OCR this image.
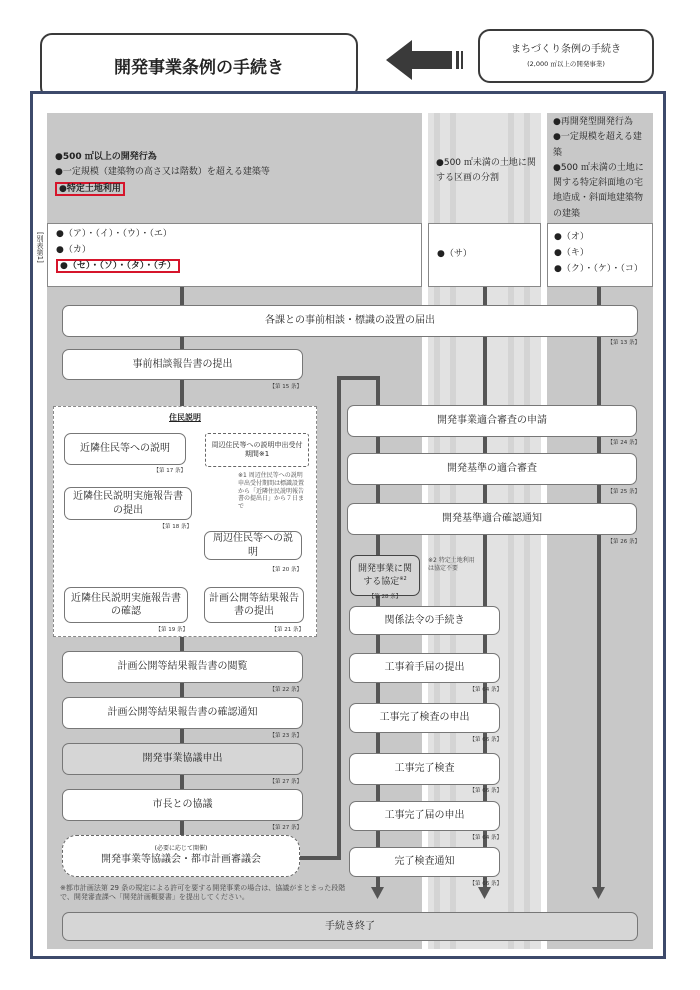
開発事業条例の手続き
まちづくり条例の手続き
(2,000 ㎡以上の開発事業)
●500 ㎡以上の開発行為
●一定規模（建築物の高さ又は階数）を超える建築等
●特定土地利用
●500 ㎡未満の土地に関する区画の分割
●再開発型開発行為
●一定規模を超える建築
●500 ㎡未満の土地に関する特定斜面地の宅地造成・斜面地建築物の建築
[別表第1] ●（ア）・（イ）・（ウ）・（エ）
●（カ）
●（セ）・（ソ）・（タ）・（チ）
●（サ）
●（オ）
●（キ）
●（ク）・（ケ）・（コ）
各課との事前相談・標識の設置の届出
【第 13 条】
事前相談報告書の提出
【第 15 条】
住民説明
近隣住民等への説明
【第 17 条】
近隣住民説明実施報告書の提出
【第 18 条】
近隣住民説明実施報告書の確認
【第 19 条】
周辺住民等への説明申出受付期間※1
※1 周辺住民等への説明申出受付期間は標識設置から「近隣住民説明報告書の提出日」から７日まで
周辺住民等への説明
【第 20 条】
計画公開等結果報告書の提出
【第 21 条】
計画公開等結果報告書の閲覧
【第 22 条】
計画公開等結果報告書の確認通知
【第 23 条】
開発事業協議申出
【第 27 条】
市長との協議
【第 27 条】
(必要に応じて開催)
開発事業等協議会・都市計画審議会
※都市計画法第 29 条の規定による許可を要する開発事業の場合は、協議がまとまった段階で、開発審査課へ「開発計画概要書」を提出してください。
開発事業適合審査の申請
【第 24 条】
開発基準の適合審査
【第 25 条】
開発基準適合確認通知
【第 26 条】
開発事業に関する協定$^{※2}$
【第 28 条】
※2 特定土地利用は協定不要
関係法令の手続き
工事着手届の提出
【第 64 条】
工事完了検査の申出
【第 66 条】
工事完了検査
【第 66 条】
工事完了届の申出
【第 64 条】
完了検査通知
【第 66 条】
手続き終了
